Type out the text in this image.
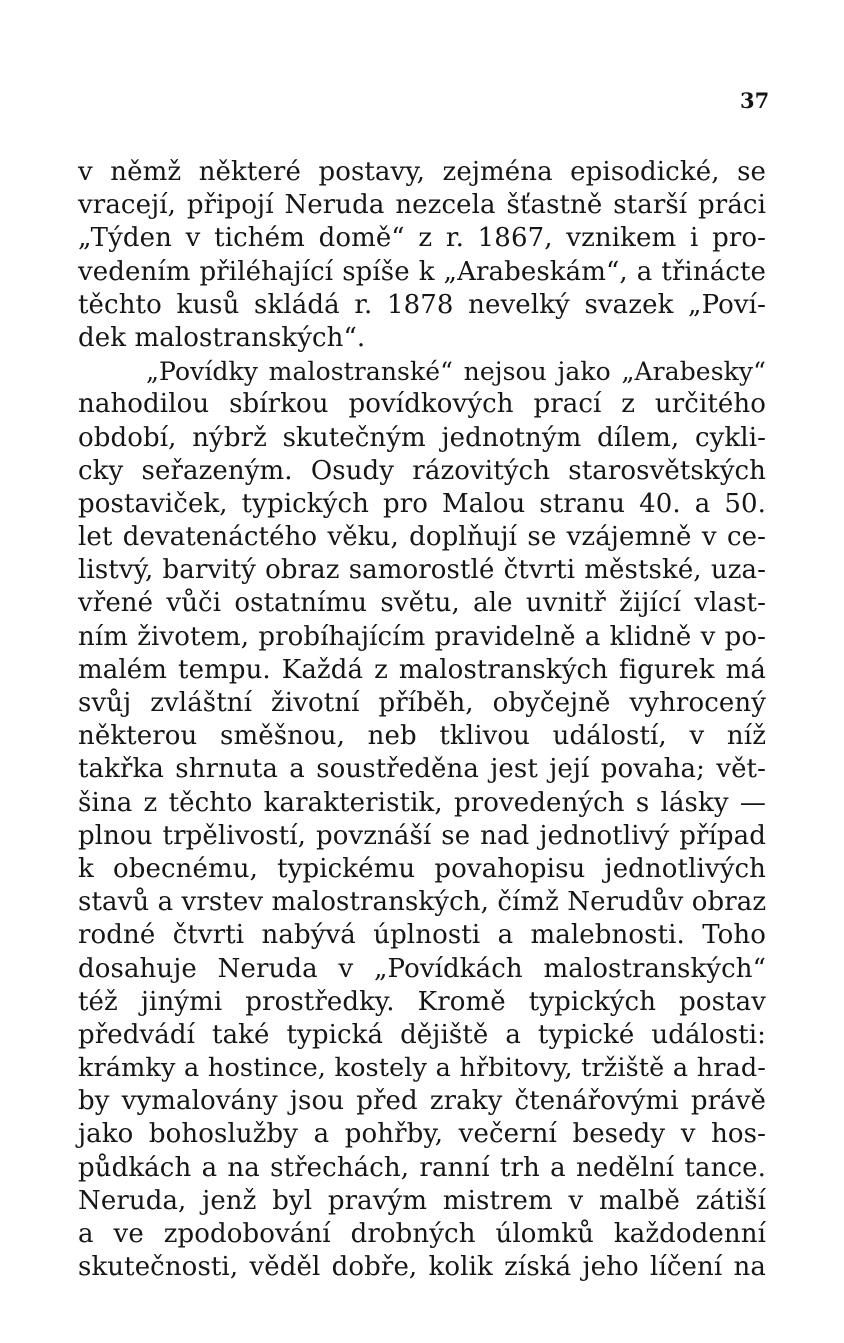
37
v němž některé postavy, zejména episodické, se
vracejí, připojí Neruda nezcela šťastně starší práci
„Týden v tichém domě“ z r. 1867, vznikem i pro-
vedením přiléhající spíše k „Arabeskám“, a třinácte
těchto kusů skládá r. 1878 nevelký svazek „Poví-
dek malostranských“.
„Povídky malostranské“ nejsou jako „Arabesky“
nahodilou sbírkou povídkových prací z určitého
období, nýbrž skutečným jednotným dílem, cykli-
cky seřazeným. Osudy rázovitých starosvětských
postaviček, typických pro Malou stranu 40. a 50.
let devatenáctého věku, doplňují se vzájemně v ce-
listvý, barvitý obraz samorostlé čtvrti městské, uza-
vřené vůči ostatnímu světu, ale uvnitř žijící vlast-
ním životem, probíhajícím pravidelně a klidně v po-
malém tempu. Každá z malostranských figurek má
svůj zvláštní životní příběh, obyčejně vyhrocený
některou směšnou, neb tklivou událostí, v níž
takřka shrnuta a soustředěna jest její povaha; vět-
šina z těchto karakteristik, provedených s lásky —
plnou trpělivostí, povznáší se nad jednotlivý případ
k obecnému, typickému povahopisu jednotlivých
stavů a vrstev malostranských, čímž Nerudův obraz
rodné čtvrti nabývá úplnosti a malebnosti. Toho
dosahuje Neruda v „Povídkách malostranských“
též jinými prostředky. Kromě typických postav
předvádí také typická dějiště a typické události:
krámky a hostince, kostely a hřbitovy, tržiště a hrad-
by vymalovány jsou před zraky čtenářovými právě
jako bohoslužby a pohřby, večerní besedy v hos-
půdkách a na střechách, ranní trh a nedělní tance.
Neruda, jenž byl pravým mistrem v malbě zátiší
a ve zpodobování drobných úlomků každodenní
skutečnosti, věděl dobře, kolik získá jeho líčení na
